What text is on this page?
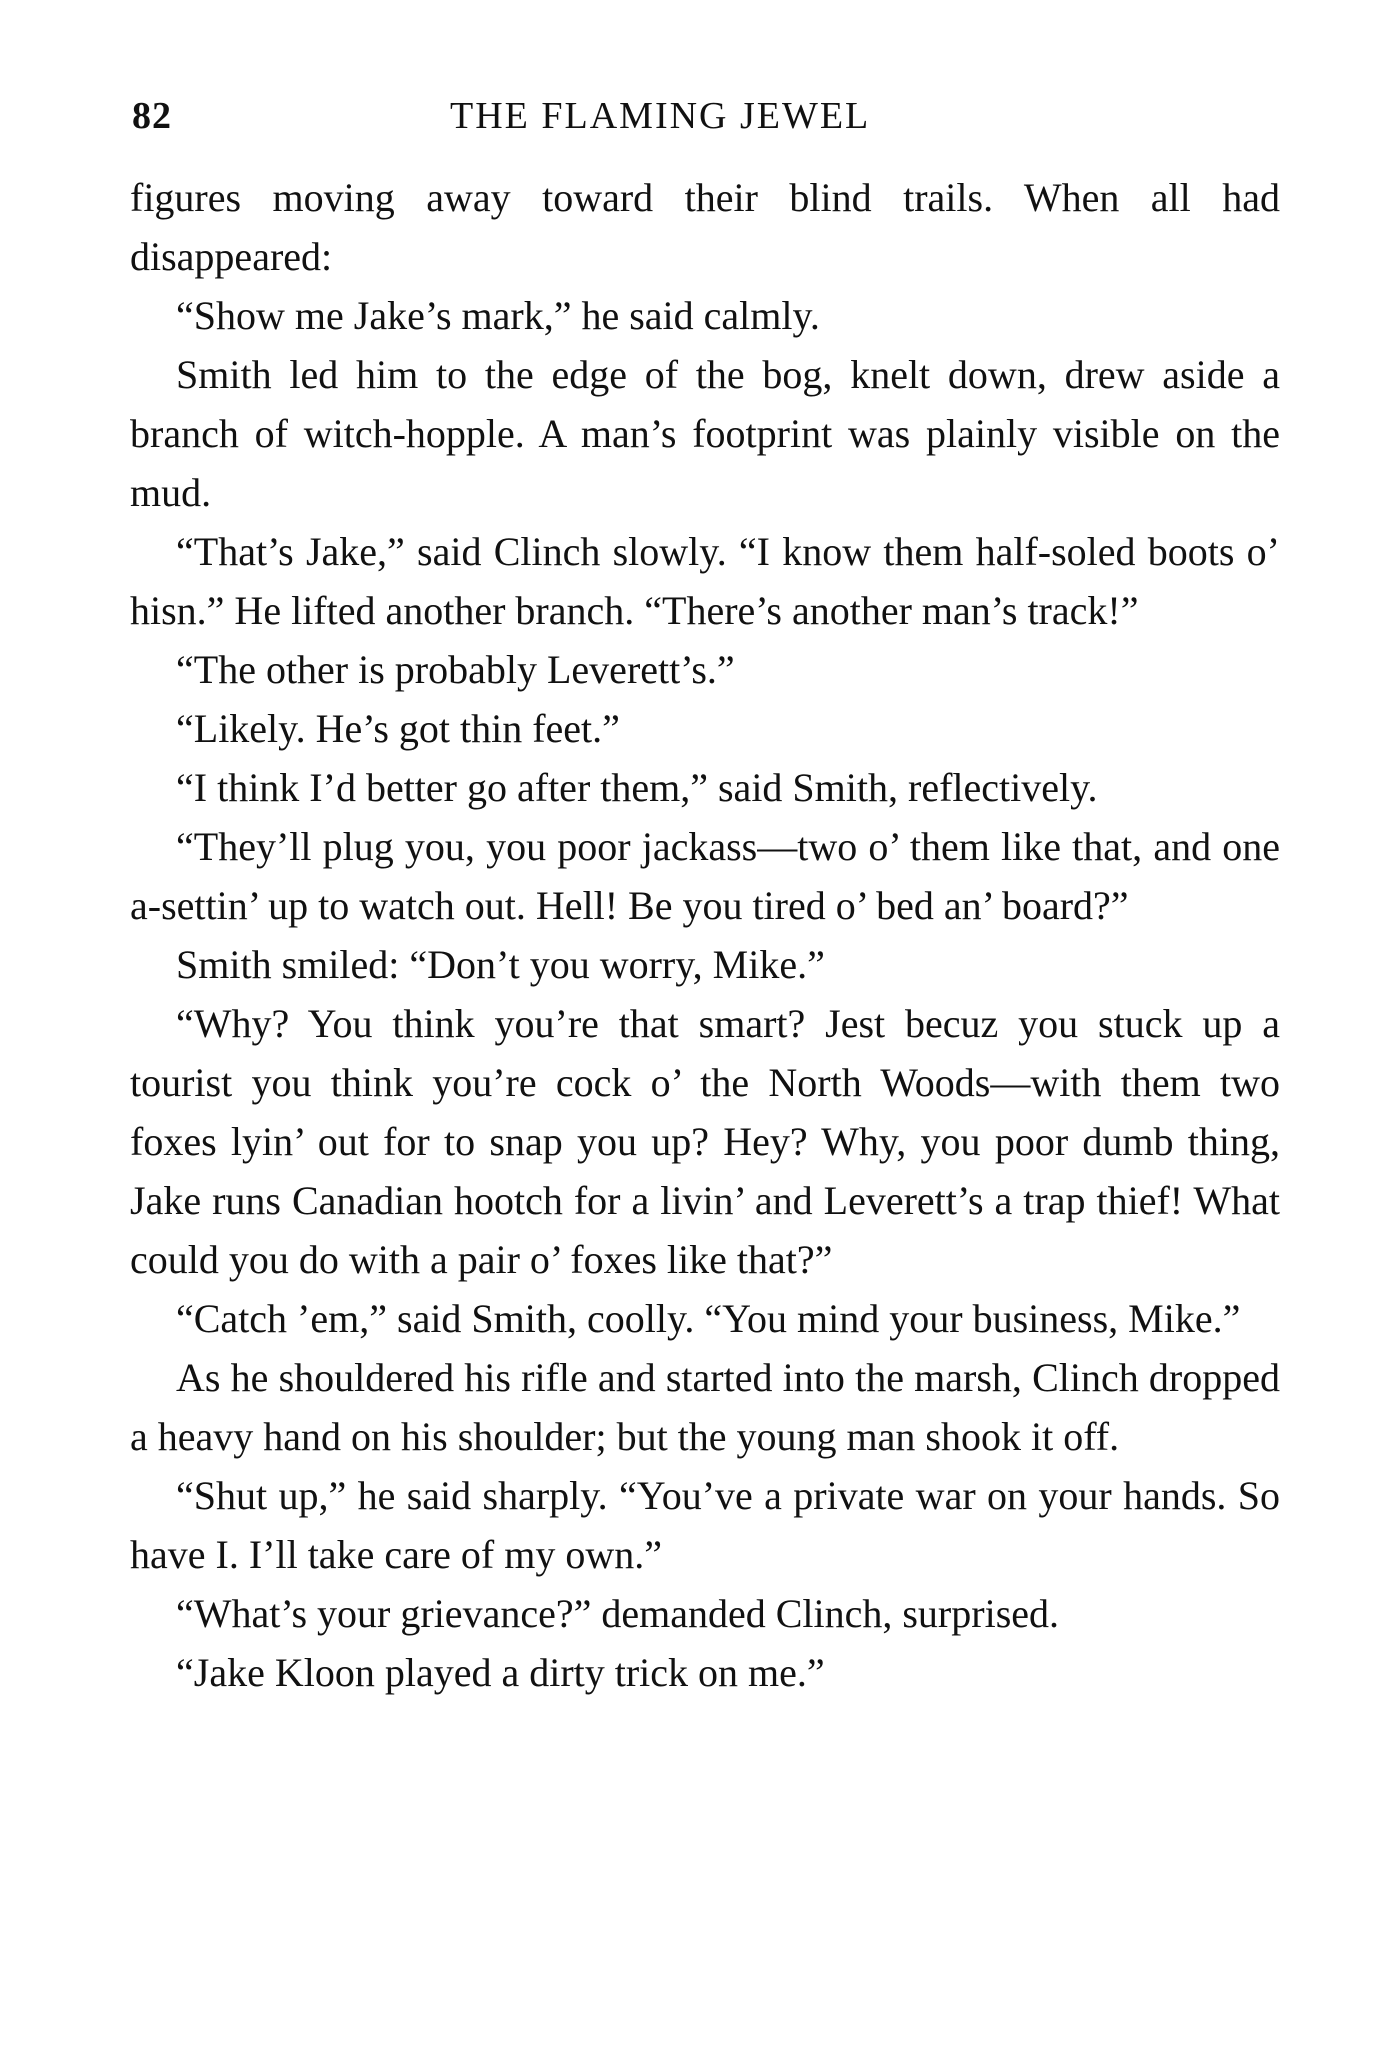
82	THE FLAMING JEWEL

figures moving away toward their blind trails. When all had disappeared:

“Show me Jake’s mark,” he said calmly.

Smith led him to the edge of the bog, knelt down, drew aside a branch of witch-hopple. A man’s footprint was plainly visible on the mud.

“That’s Jake,” said Clinch slowly. “I know them half-soled boots o’ hisn.” He lifted another branch. “There’s another man’s track!”

“The other is probably Leverett’s.”

“Likely. He’s got thin feet.”

“I think I’d better go after them,” said Smith, reflectively.

“They’ll plug you, you poor jackass—two o’ them like that, and one a-settin’ up to watch out. Hell! Be you tired o’ bed an’ board?”

Smith smiled: “Don’t you worry, Mike.”

“Why? You think you’re that smart? Jest becuz you stuck up a tourist you think you’re cock o’ the North Woods—with them two foxes lyin’ out for to snap you up? Hey? Why, you poor dumb thing, Jake runs Canadian hootch for a livin’ and Leverett’s a trap thief! What could you do with a pair o’ foxes like that?”

“Catch ’em,” said Smith, coolly. “You mind your business, Mike.”

As he shouldered his rifle and started into the marsh, Clinch dropped a heavy hand on his shoulder; but the young man shook it off.

“Shut up,” he said sharply. “You’ve a private war on your hands. So have I. I’ll take care of my own.”

“What’s your grievance?” demanded Clinch, surprised.

“Jake Kloon played a dirty trick on me.”
